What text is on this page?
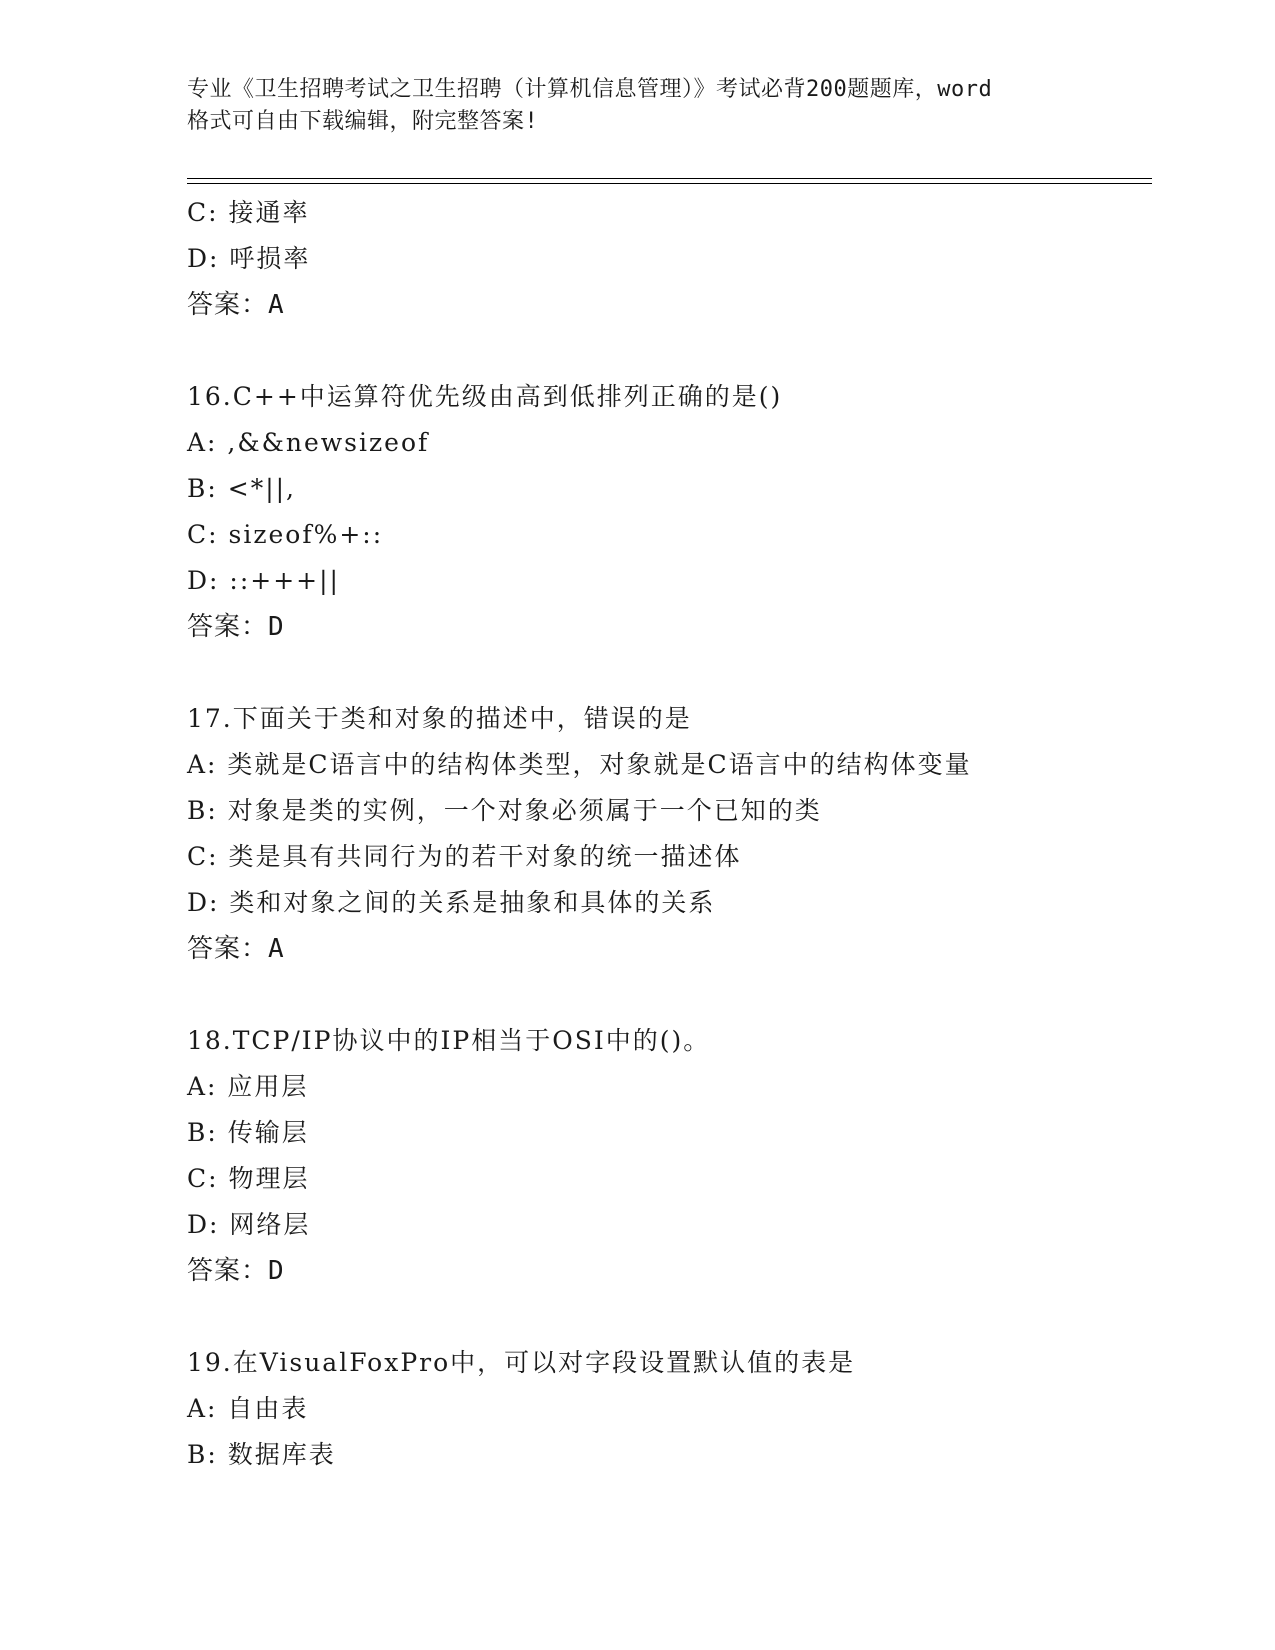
专业《卫生招聘考试之卫生招聘（计算机信息管理）》考试必背200题题库，word
格式可自由下载编辑，附完整答案!
C: 接通率
D: 呼损率
答案：A
16.C++中运算符优先级由高到低排列正确的是()
A: ,&&newsizeof
B: <*||,
C: sizeof%+::
D: ::+++||
答案：D
17.下面关于类和对象的描述中，错误的是
A: 类就是C语言中的结构体类型，对象就是C语言中的结构体变量
B: 对象是类的实例，一个对象必须属于一个已知的类
C: 类是具有共同行为的若干对象的统一描述体
D: 类和对象之间的关系是抽象和具体的关系
答案：A
18.TCP/IP协议中的IP相当于OSI中的()。
A: 应用层
B: 传输层
C: 物理层
D: 网络层
答案：D
19.在VisualFoxPro中，可以对字段设置默认值的表是
A: 自由表
B: 数据库表
